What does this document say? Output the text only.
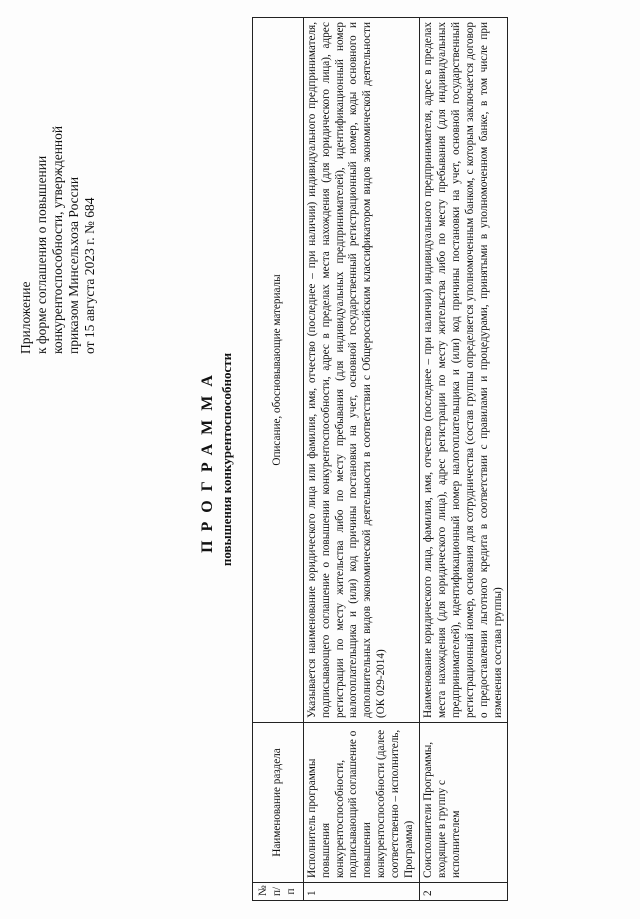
Приложение к форме соглашения о повышении конкурентоспособности, утвержденной приказом Минсельхоза России от 15 августа 2023 г. № 684
ПРОГРАММА повышения конкурентоспособности
№ п/п	Наименование раздела	Описание, обосновывающие материалы
1	Исполнитель программы повышения конкурентоспособности, подписывающий соглашение о повышении конкурентоспособности (далее соответственно – исполнитель, Программа)	Указывается наименование юридического лица или фамилия, имя, отчество (последнее – при наличии) индивидуального предпринимателя, подписывающего соглашение о повышении конкурентоспособности, адрес в пределах места нахождения (для юридического лица), адрес регистрации по месту жительства либо по месту пребывания (для индивидуальных предпринимателей), идентификационный номер налогоплательщика и (или) код причины постановки на учет, основной государственный регистрационный номер, коды основного и дополнительных видов экономической деятельности в соответствии с Общероссийским классификатором видов экономической деятельности (ОК 029-2014)
2	Соисполнители Программы, входящие в группу с исполнителем	Наименование юридического лица, фамилия, имя, отчество (последнее – при наличии) индивидуального предпринимателя, адрес в пределах места нахождения (для юридического лица), адрес регистрации по месту жительства либо по месту пребывания (для индивидуальных предпринимателей), идентификационный номер налогоплательщика и (или) код причины постановки на учет, основной государственный регистрационный номер, основания для сотрудничества (состав группы определяется уполномоченным банком, с которым заключается договор о предоставлении льготного кредита в соответствии с правилами и процедурами, принятыми в уполномоченном банке, в том числе при изменения состава группы)
